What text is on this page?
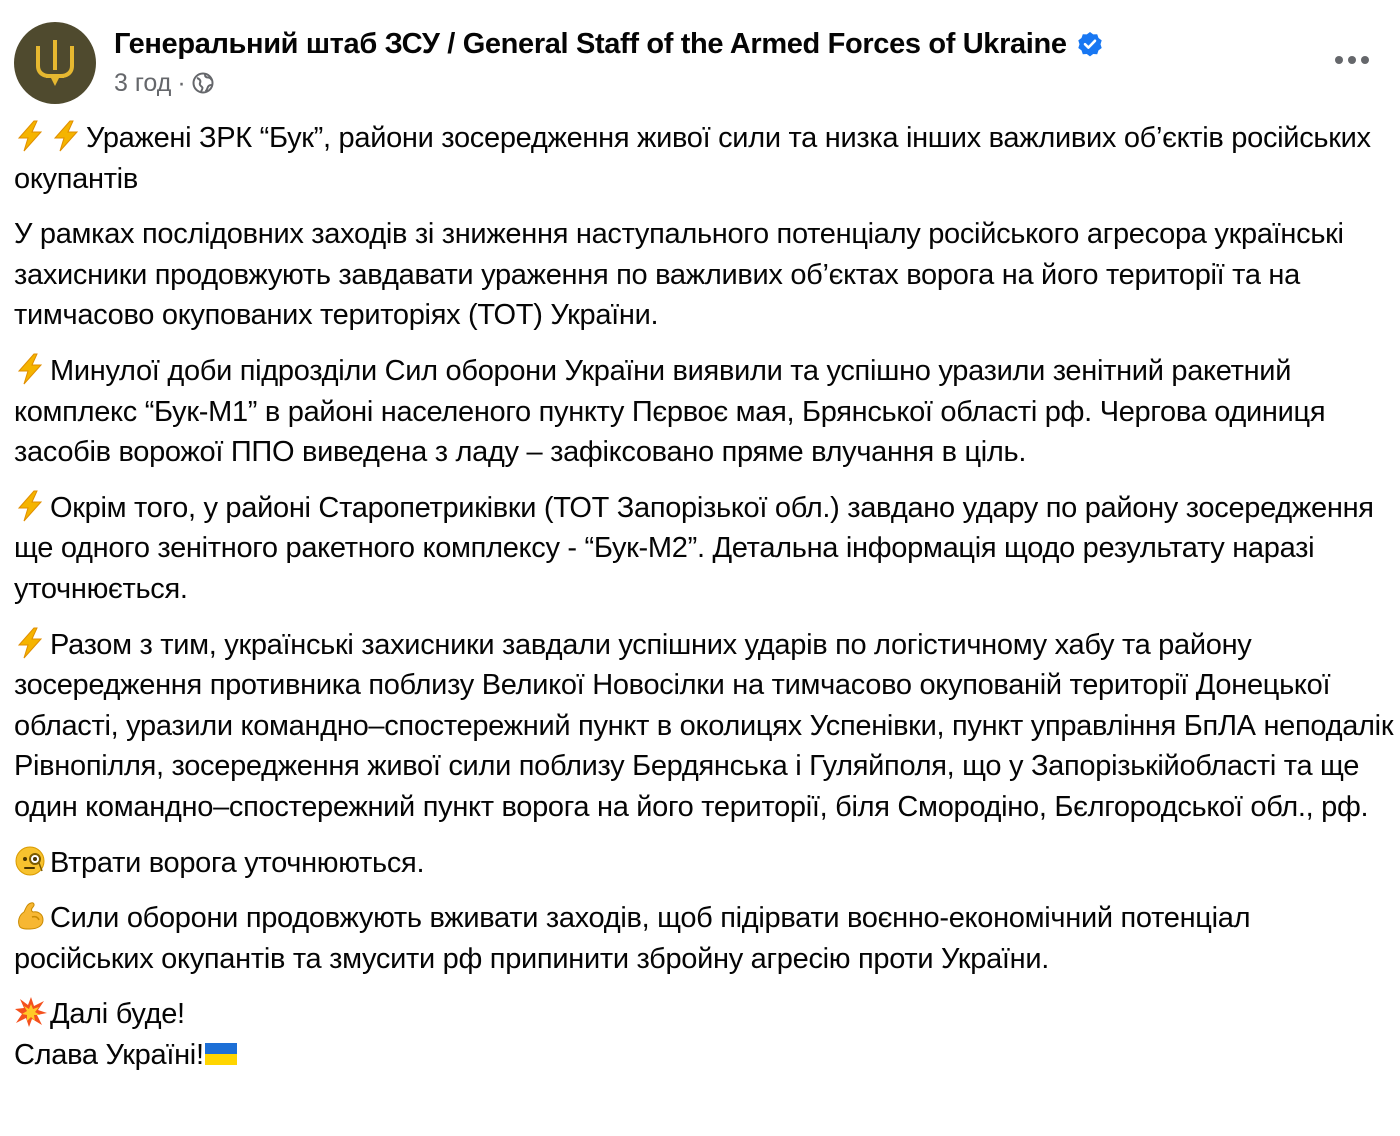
Генеральний штаб ЗСУ / General Staff of the Armed Forces of Ukraine
3 год ·
Уражені ЗРК “Бук”, райони зосередження живої сили та низка інших важливих об’єктів російських окупантів
У рамках послідовних заходів зі зниження наступального потенціалу російського агресора українські захисники продовжують завдавати ураження по важливих об’єктах ворога на його території та на тимчасово окупованих територіях (ТОТ) України.
Минулої доби підрозділи Сил оборони України виявили та успішно уразили зенітний ракетний комплекс “Бук-М1” в районі населеного пункту Пєрвоє мая, Брянської області рф. Чергова одиниця засобів ворожої ППО виведена з ладу – зафіксовано пряме влучання в ціль.
Окрім того, у районі Старопетриківки (ТОТ Запорізької обл.) завдано удару по району зосередження ще одного зенітного ракетного комплексу - “Бук-М2”. Детальна інформація щодо результату наразі уточнюється.
Разом з тим, українські захисники завдали успішних ударів по логістичному хабу та району зосередження противника поблизу Великої Новосілки на тимчасово окупованій території Донецької області, уразили командно–спостережний пункт в околицях Успенівки, пункт управління БпЛА неподалік Рівнопілля, зосередження живої сили поблизу Бердянська і Гуляйполя, що у Запорізькійобласті та ще один командно–спостережний пункт ворога на його території, біля Смородіно, Бєлгородської обл., рф.
Втрати ворога уточнюються.
Сили оборони продовжують вживати заходів, щоб підірвати воєнно-економічний потенціал російських окупантів та змусити рф припинити збройну агресію проти України.
Далі буде!
Слава Україні!
